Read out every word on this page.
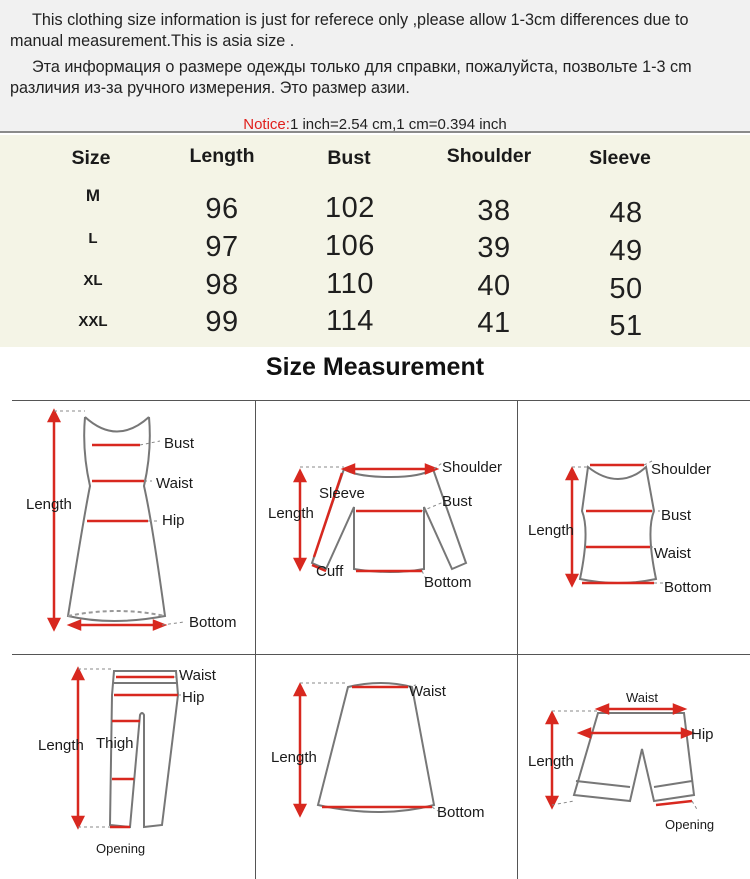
This clothing size information is just for referece only ,please allow 1-3cm differences due to manual measurement.This is asia size .

Эта информация о размере одежды только для справки, пожалуйста, позвольте 1-3 cm различия из-за ручного измерения. Это размер азии.

Notice:1 inch=2.54 cm,1 cm=0.394 inch
Size	Length	Bust	Shoulder	Sleeve
M	96	102	38	48
L	97	106	39	49
XL	98	110	40	50
XXL	99	114	41	51
Size Measurement
Length
Bust
Waist
Hip
Bottom
Length
Shoulder
Sleeve	Bust
Cuff
Bottom
Length
Shoulder
Bust
Waist
Bottom
Length
Waist
Hip
Thigh
Opening
Length
Waist
Bottom
Waist
Hip
Length
Opening
